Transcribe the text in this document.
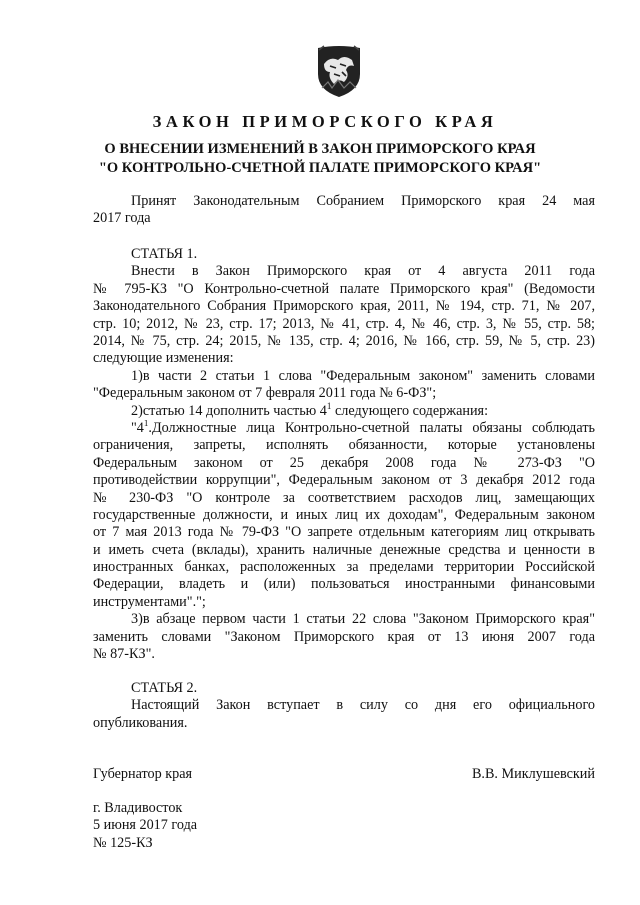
ЗАКОН ПРИМОРСКОГО КРАЯ
О ВНЕСЕНИИ ИЗМЕНЕНИЙ В ЗАКОН ПРИМОРСКОГО КРАЯ
"О КОНТРОЛЬНО-СЧЕТНОЙ ПАЛАТЕ ПРИМОРСКОГО КРАЯ"
Принят Законодательным Собранием Приморского края 24 мая
2017 года
СТАТЬЯ 1.
Внести в Закон Приморского края от 4 августа 2011 года
№ 795-КЗ "О Контрольно-счетной палате Приморского края" (Ведомости
Законодательного Собрания Приморского края, 2011, № 194, стр. 71, № 207,
стр. 10; 2012, № 23, стр. 17; 2013, № 41, стр. 4, № 46, стр. 3, № 55, стр. 58;
2014, № 75, стр. 24; 2015, № 135, стр. 4; 2016, № 166, стр. 59, № 5, стр. 23)
следующие изменения:
1)в части 2 статьи 1 слова "Федеральным законом" заменить словами
"Федеральным законом от 7 февраля 2011 года № 6-ФЗ";
2)статью 14 дополнить частью $4^1$ следующего содержания:
"$4^1.Должностные$ лица Контрольно-счетной палаты обязаны соблюдать
ограничения, запреты, исполнять обязанности, которые установлены
Федеральным законом от 25 декабря 2008 года № 273-ФЗ "О
противодействии коррупции", Федеральным законом от 3 декабря 2012 года
№ 230-ФЗ "О контроле за соответствием расходов лиц, замещающих
государственные должности, и иных лиц их доходам", Федеральным законом
от 7 мая 2013 года № 79-ФЗ "О запрете отдельным категориям лиц открывать
и иметь счета (вклады), хранить наличные денежные средства и ценности в
иностранных банках, расположенных за пределами территории Российской
Федерации, владеть и (или) пользоваться иностранными финансовыми
инструментами".";
3)в абзаце первом части 1 статьи 22 слова "Законом Приморского края"
заменить словами "Законом Приморского края от 13 июня 2007 года
№ 87-КЗ".
СТАТЬЯ 2.
Настоящий Закон вступает в силу со дня его официального
опубликования.
Губернатор края	В.В. Миклушевский
г. Владивосток
5 июня 2017 года
№ 125-КЗ
